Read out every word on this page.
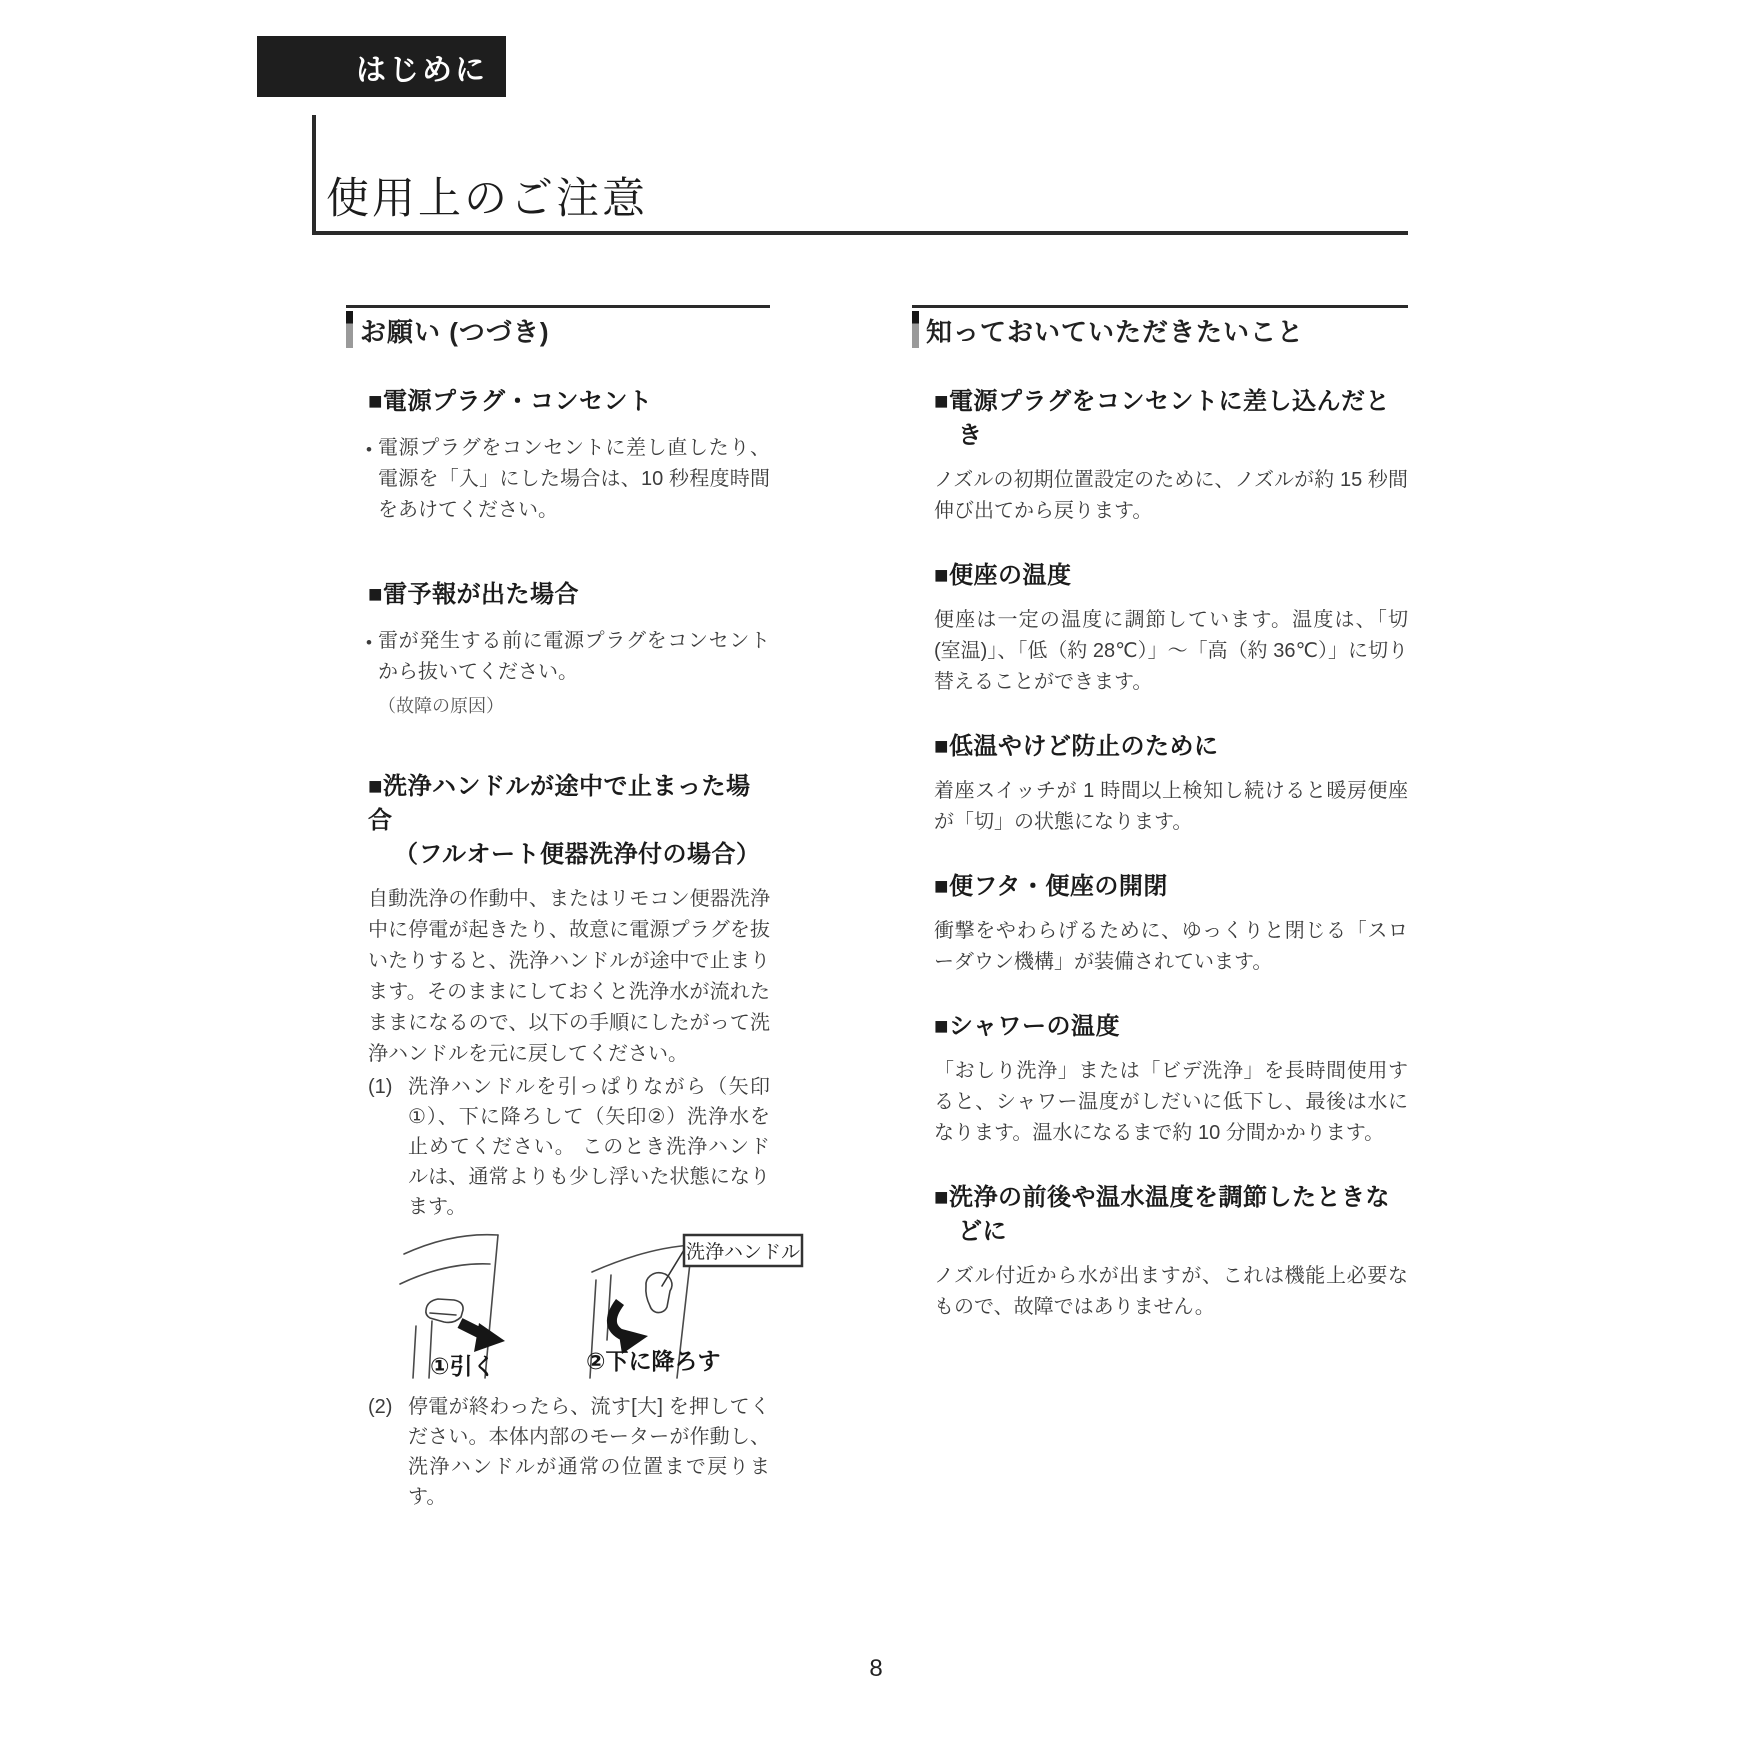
はじめに
使用上のご注意
お願い (つづき)
■電源プラグ・コンセント
• 電源プラグをコンセントに差し直したり、電源を「入」にした場合は、10 秒程度時間をあけてください。
■雷予報が出た場合
• 雷が発生する前に電源プラグをコンセントから抜いてください。
（故障の原因）
■洗浄ハンドルが途中で止まった場合
（フルオート便器洗浄付の場合）

自動洗浄の作動中、またはリモコン便器洗浄中に停電が起きたり、故意に電源プラグを抜いたりすると、洗浄ハンドルが途中で止まります。そのままにしておくと洗浄水が流れたままになるので、以下の手順にしたがって洗浄ハンドルを元に戻してください。

(1) 洗浄ハンドルを引っぱりながら（矢印①）、下に降ろして（矢印②）洗浄水を止めてください。 このとき洗浄ハンドルは、通常よりも少し浮いた状態になります。
洗浄ハンドル
①引く	②下に降ろす
(2) 停電が終わったら、流す[大] を押してください。本体内部のモーターが作動し、洗浄ハンドルが通常の位置まで戻ります。
知っておいていただきたいこと
■電源プラグをコンセントに差し込んだとき

ノズルの初期位置設定のために、ノズルが約 15 秒間伸び出てから戻ります。

■便座の温度

便座は一定の温度に調節しています。温度は、「切(室温)」、「低（約 28℃）」〜「高（約 36℃）」に切り替えることができます。

■低温やけど防止のために

着座スイッチが 1 時間以上検知し続けると暖房便座が「切」の状態になります。

■便フタ・便座の開閉

衝撃をやわらげるために、ゆっくりと閉じる「スローダウン機構」が装備されています。

■シャワーの温度

「おしり洗浄」または「ビデ洗浄」を長時間使用すると、シャワー温度がしだいに低下し、最後は水になります。温水になるまで約 10 分間かかります。

■洗浄の前後や温水温度を調節したときなどに

ノズル付近から水が出ますが、これは機能上必要なもので、故障ではありません。

8
